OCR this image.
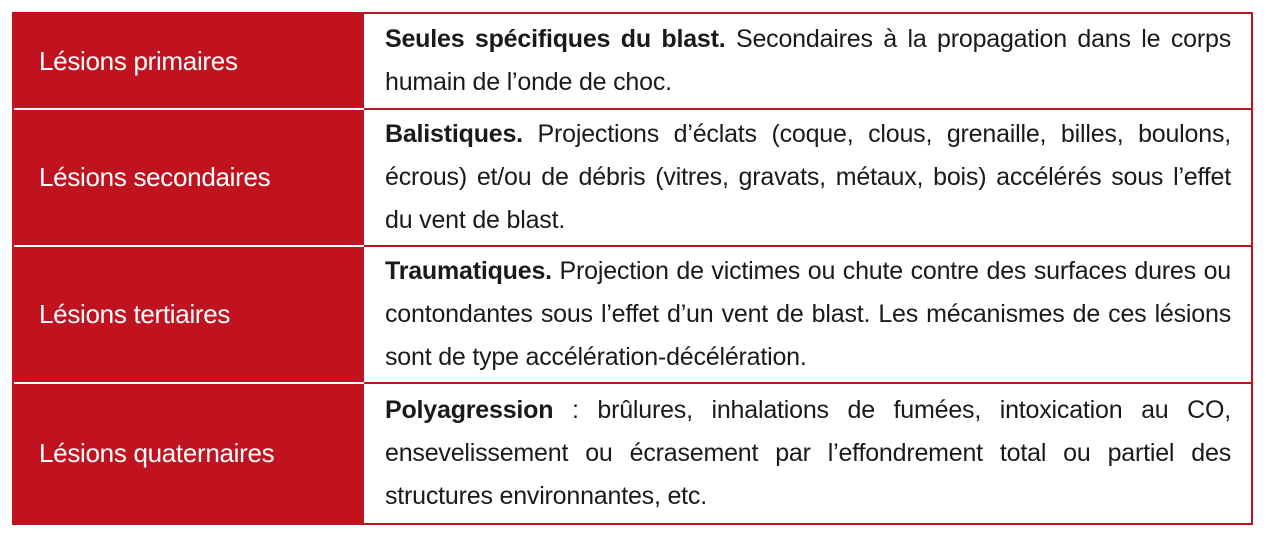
Lésions primaires
Seules spécifiques du blast. Secondaires à la propagation dans le corps humain de l’onde de choc.
Lésions secondaires
Balistiques. Projections d’éclats (coque, clous, grenaille, billes, boulons, écrous) et/ou de débris (vitres, gravats, métaux, bois) accélérés sous l’effet du vent de blast.
Lésions tertiaires
Traumatiques. Projection de victimes ou chute contre des surfaces dures ou contondantes sous l’effet d’un vent de blast. Les mécanismes de ces lésions sont de type accélération-décélération.
Lésions quaternaires
Polyagression : brûlures, inhalations de fumées, intoxication au CO, ensevelissement ou écrasement par l’effondrement total ou partiel des structures environnantes, etc.
